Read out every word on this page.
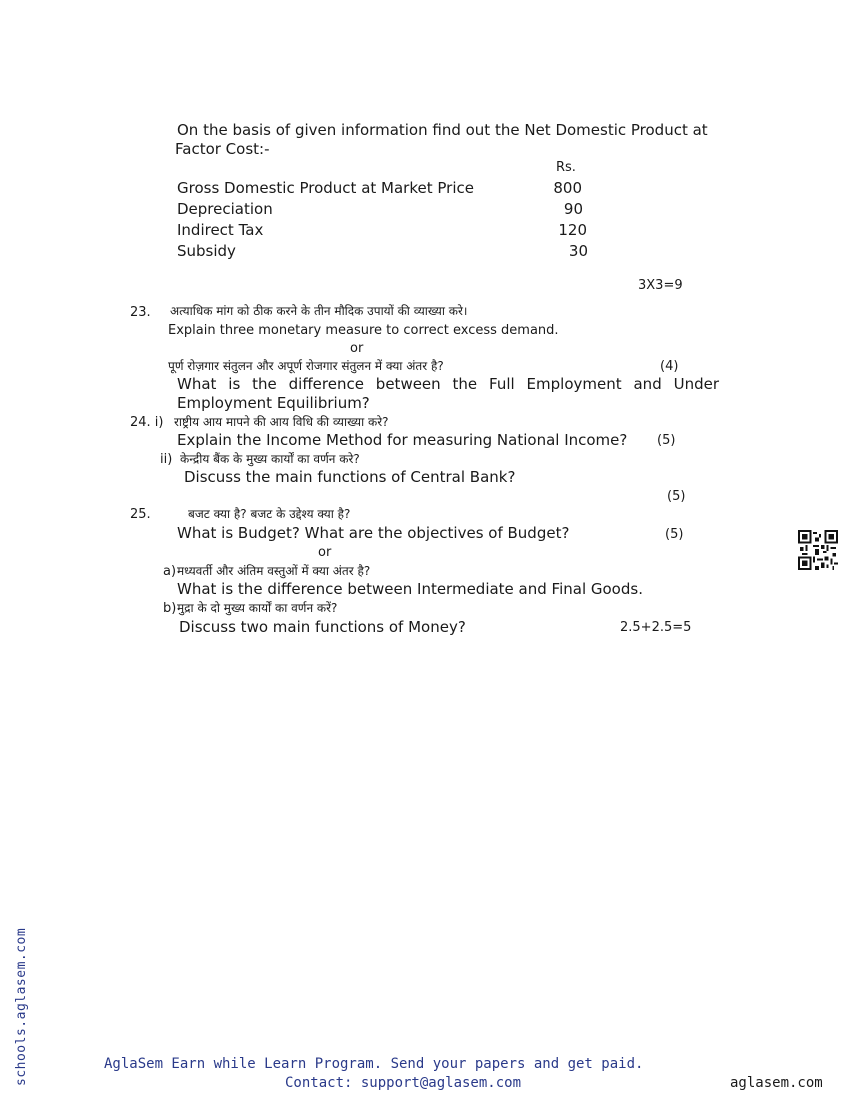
On the basis of given information find out the Net Domestic Product at
Factor Cost:-
Rs.
Gross Domestic Product at Market Price	800
Depreciation	90
Indirect Tax	120
Subsidy	30
3X3=9
23. अत्याधिक मांग को ठीक करने के तीन मौदिक उपायों की व्याख्या करे।
Explain three monetary measure to correct excess demand.
or
पूर्ण रोज़गार संतुलन और अपूर्ण रोजगार संतुलन में क्या अंतर है?	(4)
What is the difference between the Full Employment and Under
Employment Equilibrium?
24. i) राष्ट्रीय आय मापने की आय विधि की व्याख्या करे?
Explain the Income Method for measuring National Income? (5)
ii) केन्द्रीय बैंक के मुख्य कार्यों का वर्णन करे?
Discuss the main functions of Central Bank?
(5)
25.	बजट क्या है? बजट के उद्देश्य क्या है?
What is Budget? What are the objectives of Budget?	(5)
or
a) मध्यवर्ती और अंतिम वस्तुओं में क्या अंतर है?
What is the difference between Intermediate and Final Goods.
b) मुद्रा के दो मुख्य कार्यों का वर्णन करें?
Discuss two main functions of Money?	2.5+2.5=5
AglaSem Earn while Learn Program. Send your papers and get paid.
Contact: support@aglasem.com	aglasem.com
schools.aglasem.com
